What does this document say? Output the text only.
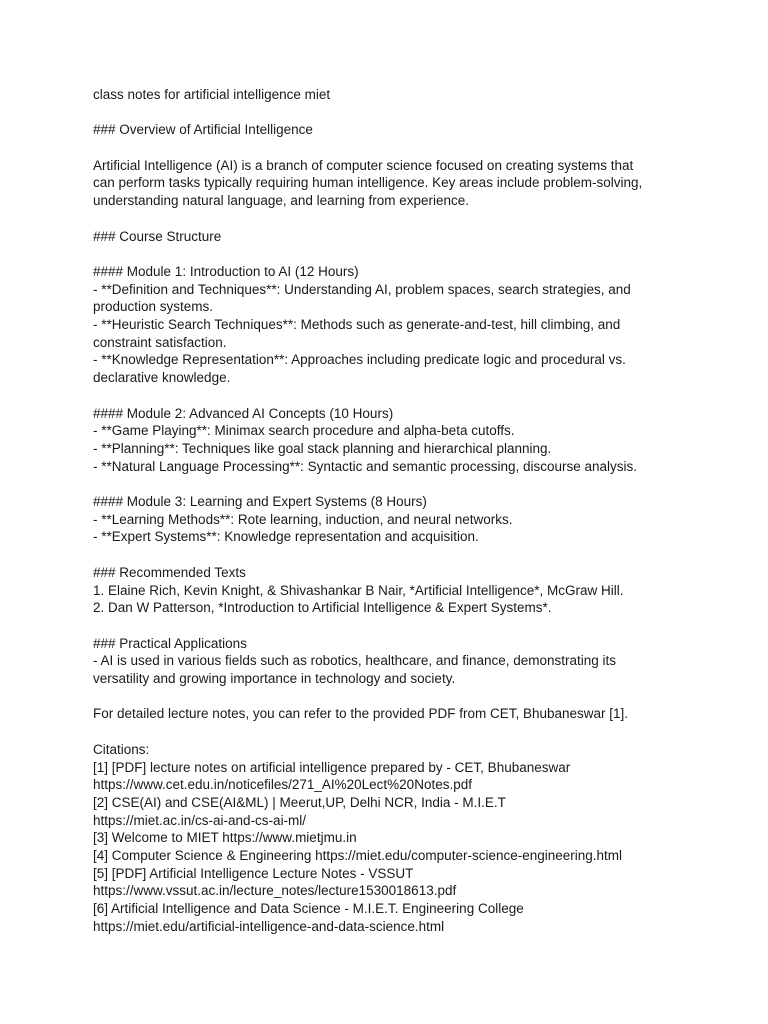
class notes for artificial intelligence miet
### Overview of Artificial Intelligence
Artificial Intelligence (AI) is a branch of computer science focused on creating systems that
can perform tasks typically requiring human intelligence. Key areas include problem-solving,
understanding natural language, and learning from experience.
### Course Structure
#### Module 1: Introduction to AI (12 Hours)
- **Definition and Techniques**: Understanding AI, problem spaces, search strategies, and
production systems.
- **Heuristic Search Techniques**: Methods such as generate-and-test, hill climbing, and
constraint satisfaction.
- **Knowledge Representation**: Approaches including predicate logic and procedural vs.
declarative knowledge.
#### Module 2: Advanced AI Concepts (10 Hours)
- **Game Playing**: Minimax search procedure and alpha-beta cutoffs.
- **Planning**: Techniques like goal stack planning and hierarchical planning.
- **Natural Language Processing**: Syntactic and semantic processing, discourse analysis.
#### Module 3: Learning and Expert Systems (8 Hours)
- **Learning Methods**: Rote learning, induction, and neural networks.
- **Expert Systems**: Knowledge representation and acquisition.
### Recommended Texts
1. Elaine Rich, Kevin Knight, & Shivashankar B Nair, *Artificial Intelligence*, McGraw Hill.
2. Dan W Patterson, *Introduction to Artificial Intelligence & Expert Systems*.
### Practical Applications
- AI is used in various fields such as robotics, healthcare, and finance, demonstrating its
versatility and growing importance in technology and society.
For detailed lecture notes, you can refer to the provided PDF from CET, Bhubaneswar [1].
Citations:
[1] [PDF] lecture notes on artificial intelligence prepared by - CET, Bhubaneswar
https://www.cet.edu.in/noticefiles/271_AI%20Lect%20Notes.pdf
[2] CSE(AI) and CSE(AI&ML) | Meerut,UP, Delhi NCR, India - M.I.E.T
https://miet.ac.in/cs-ai-and-cs-ai-ml/
[3] Welcome to MIET https://www.mietjmu.in
[4] Computer Science & Engineering https://miet.edu/computer-science-engineering.html
[5] [PDF] Artificial Intelligence Lecture Notes - VSSUT
https://www.vssut.ac.in/lecture_notes/lecture1530018613.pdf
[6] Artificial Intelligence and Data Science - M.I.E.T. Engineering College
https://miet.edu/artificial-intelligence-and-data-science.html
